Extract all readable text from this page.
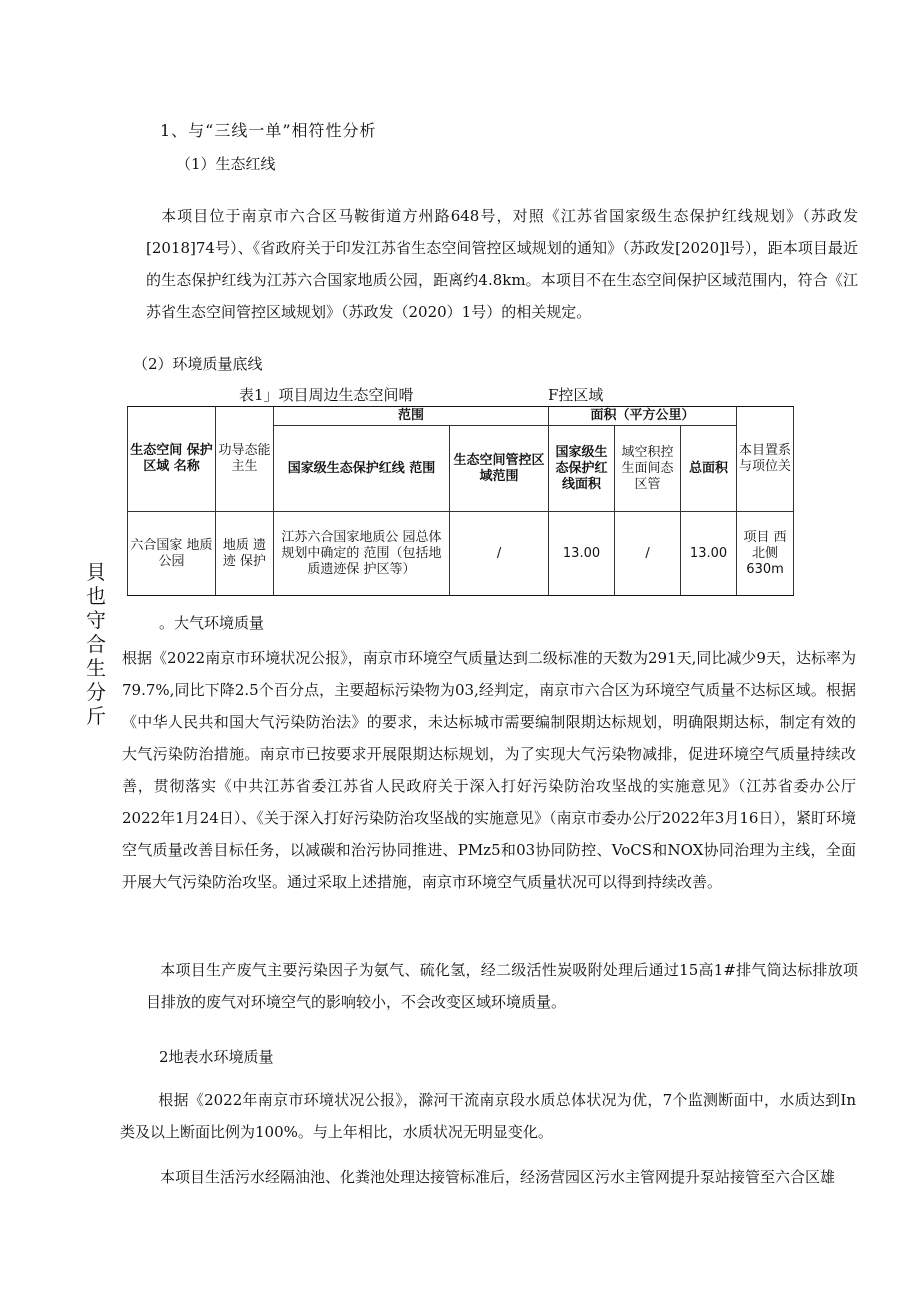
1、与“三线一单”相符性分析
（1）生态红线
本项目位于南京市六合区马鞍街道方州路648号，对照《江苏省国家级生态保护红线规划》（苏政发[2018]74号）、《省政府关于印发江苏省生态空间管控区域规划的通知》（苏政发[2020]l号），距本项目最近的生态保护红线为江苏六合国家地质公园，距离约4.8km。本项目不在生态空间保护区域范围内，符合《江苏省生态空间管控区域规划》（苏政发（2020）1号）的相关规定。
（2）环境质量底线
表1」项目周边生态空间嗗	F控区域
生态空间 保护区域 名称	功导态能 主生	范围		面积（平方公里）			本目置系与项位关
		国家级生态保护红线 范围	生态空间管控区域范围	国家级生态保护红线面积	域空积控生面间态区管	总面积	
六合国家 地质公园	地质 遗迹 保护	江苏六合国家地质公 园总体规划中确定的 范围（包括地质遗迹保 护区等）	/	13.00	/	13.00	项目 西北侧 630m
貝也守合生分斤
。大气环境质量
根据《2022南京市环境状况公报》，南京市环境空气质量达到二级标准的天数为291天,同比减少9天，达标率为79.7%,同比下降2.5个百分点，主要超标污染物为03,经判定，南京市六合区为环境空气质量不达标区域。根据《中华人民共和国大气污染防治法》的要求，未达标城市需要编制限期达标规划，明确限期达标，制定有效的大气污染防治措施。南京市已按要求开展限期达标规划，为了实现大气污染物减排，促进环境空气质量持续改善，贯彻落实《中共江苏省委江苏省人民政府关于深入打好污染防治攻坚战的实施意见》（江苏省委办公厅2022年1月24日）、《关于深入打好污染防治攻坚战的实施意见》（南京市委办公厅2022年3月16日），紧盯环境空气质量改善目标任务，以减碳和治污协同推进、PMz5和03协同防控、VoCS和NOX协同治理为主线，全面开展大气污染防治攻坚。通过采取上述措施，南京市环境空气质量状况可以得到持续改善。
本项目生产废气主要污染因子为氨气、硫化氢，经二级活性炭吸附处理后通过15高1#排气筒达标排放项目排放的废气对环境空气的影响较小，不会改变区域环境质量。
2地表水环境质量
根据《2022年南京市环境状况公报》，滁河干流南京段水质总体状况为优，7个监测断面中，水质达到In类及以上断面比例为100%。与上年相比，水质状况无明显变化。
本项目生活污水经隔油池、化粪池处理达接管标准后，经汤营园区污水主管网提升泵站接管至六合区雄
